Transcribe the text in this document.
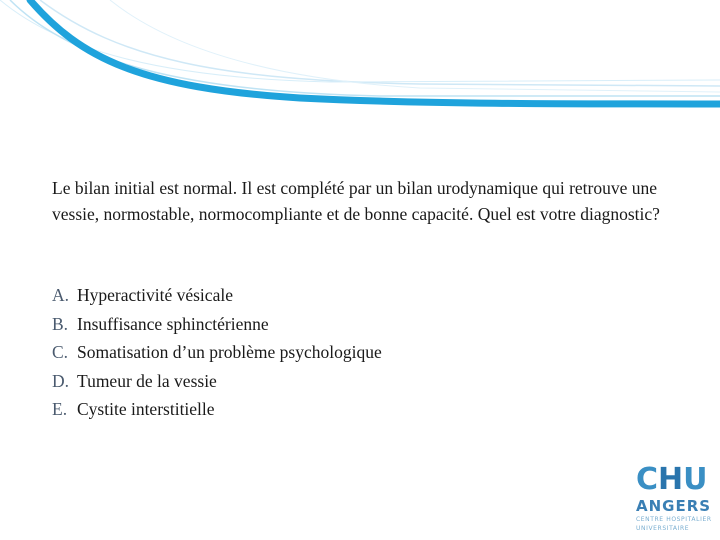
Le bilan initial est normal. Il est complété par un bilan urodynamique qui retrouve une vessie, normostable, normocompliante et de bonne capacité. Quel est votre diagnostic?

A. Hyperactivité vésicale
B. Insuffisance sphinctérienne
C. Somatisation d’un problème psychologique
D. Tumeur de la vessie
E. Cystite interstitielle
C H U
ANGERS
CENTRE HOSPITALIER
UNIVERSITAIRE
